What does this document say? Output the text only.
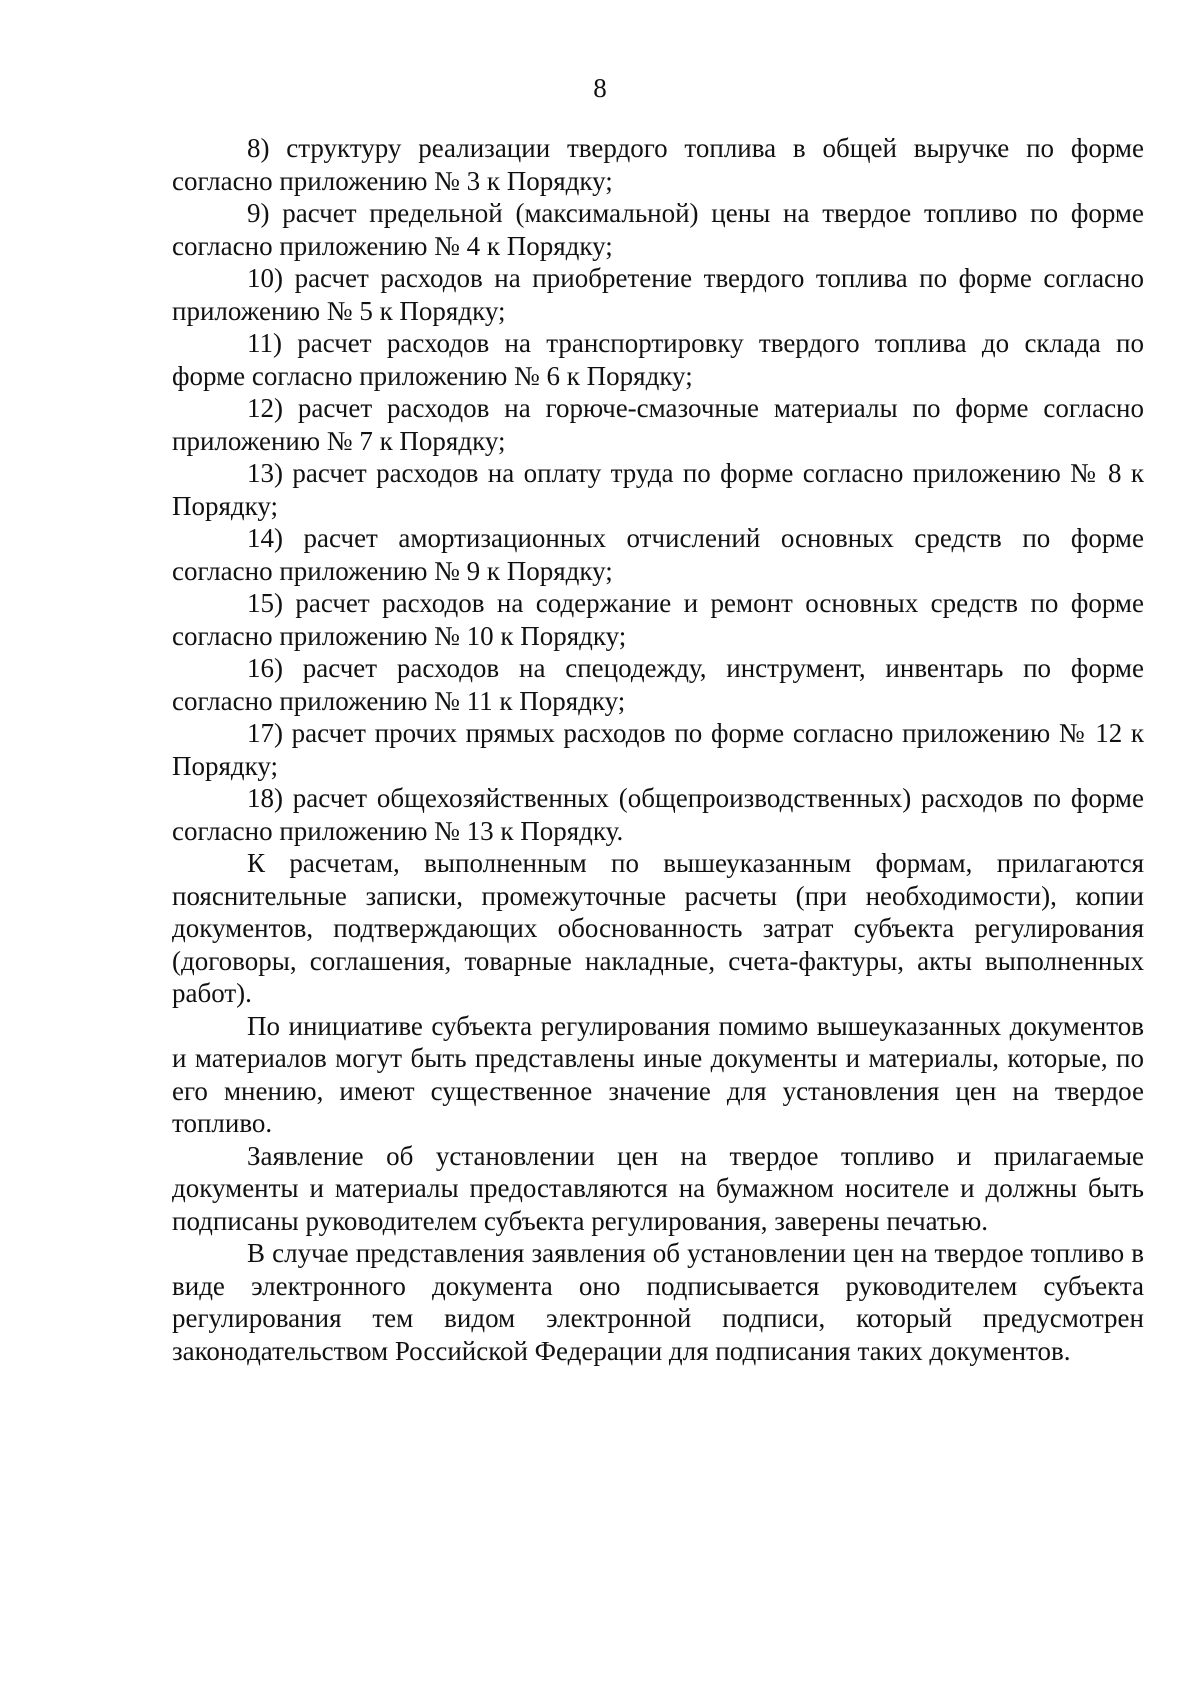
8

8) структуру реализации твердого топлива в общей выручке по форме согласно приложению № 3 к Порядку;

9) расчет предельной (максимальной) цены на твердое топливо по форме согласно приложению № 4 к Порядку;

10) расчет расходов на приобретение твердого топлива по форме согласно приложению № 5 к Порядку;

11) расчет расходов на транспортировку твердого топлива до склада по форме согласно приложению № 6 к Порядку;

12) расчет расходов на горюче-смазочные материалы по форме согласно приложению № 7 к Порядку;

13) расчет расходов на оплату труда по форме согласно приложению № 8 к Порядку;

14) расчет амортизационных отчислений основных средств по форме согласно приложению № 9 к Порядку;

15) расчет расходов на содержание и ремонт основных средств по форме согласно приложению № 10 к Порядку;

16) расчет расходов на спецодежду, инструмент, инвентарь по форме согласно приложению № 11 к Порядку;

17) расчет прочих прямых расходов по форме согласно приложению № 12 к Порядку;

18) расчет общехозяйственных (общепроизводственных) расходов по форме согласно приложению № 13 к Порядку.

К расчетам, выполненным по вышеуказанным формам, прилагаются пояснительные записки, промежуточные расчеты (при необходимости), копии документов, подтверждающих обоснованность затрат субъекта регулирования (договоры, соглашения, товарные накладные, счета-фактуры, акты выполненных работ).

По инициативе субъекта регулирования помимо вышеуказанных документов и материалов могут быть представлены иные документы и материалы, которые, по его мнению, имеют существенное значение для установления цен на твердое топливо.

Заявление об установлении цен на твердое топливо и прилагаемые документы и материалы предоставляются на бумажном носителе и должны быть подписаны руководителем субъекта регулирования, заверены печатью.

В случае представления заявления об установлении цен на твердое топливо в виде электронного документа оно подписывается руководителем субъекта регулирования тем видом электронной подписи, который предусмотрен законодательством Российской Федерации для подписания таких документов.
